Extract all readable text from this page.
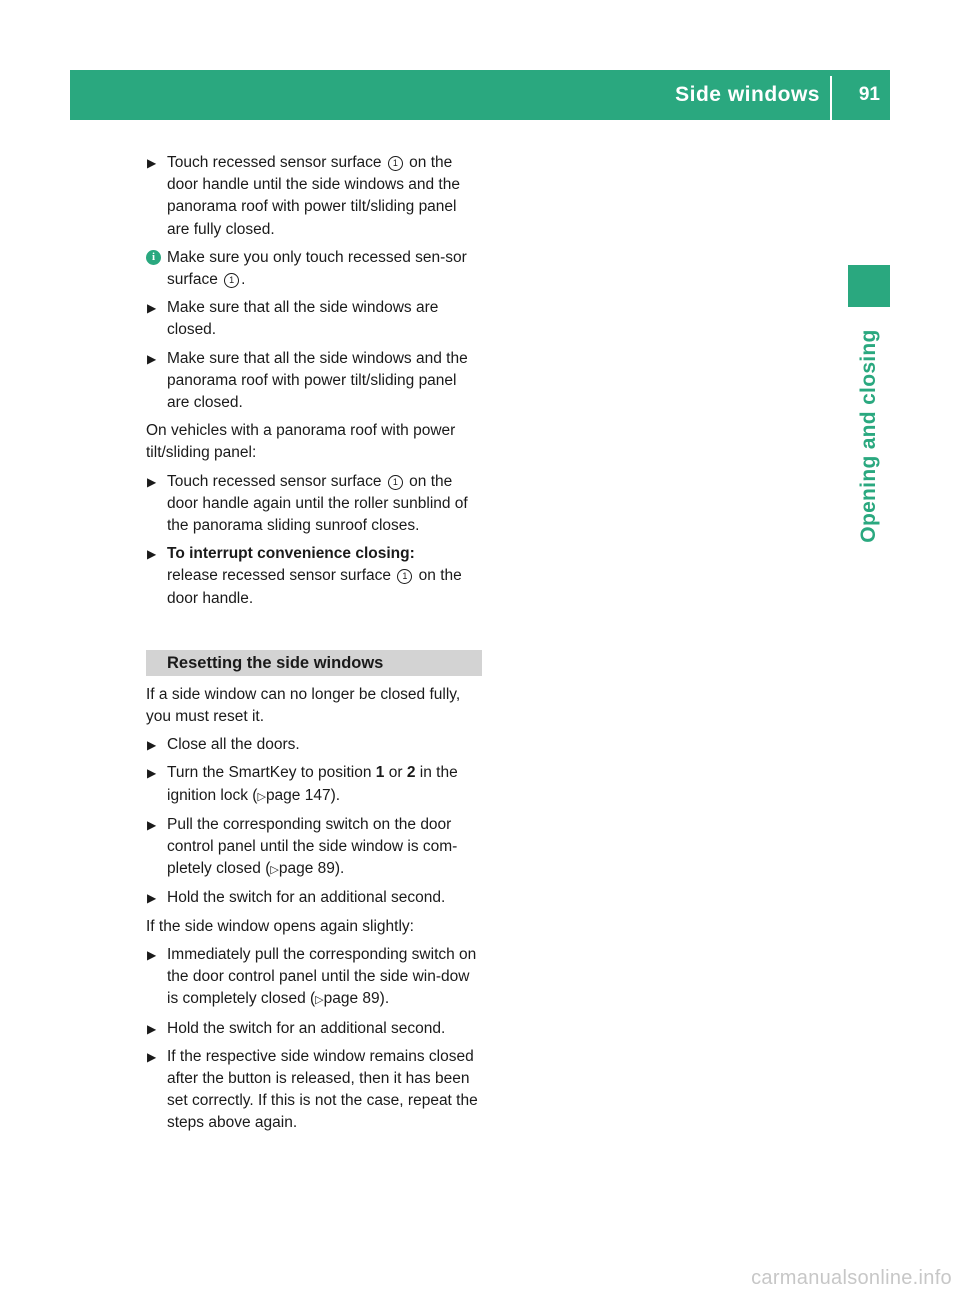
Side windows 91
Opening and closing
▶ Touch recessed sensor surface 1 on the door handle until the side windows and the panorama roof with power tilt/sliding panel are fully closed.
i Make sure you only touch recessed sen-sor surface 1 .
▶ Make sure that all the side windows are closed.
▶ Make sure that all the side windows and the panorama roof with power tilt/sliding panel are closed.
On vehicles with a panorama roof with power tilt/sliding panel:
▶ Touch recessed sensor surface 1 on the door handle again until the roller sunblind of the panorama sliding sunroof closes.
▶ To interrupt convenience closing:
release recessed sensor surface 1 on the door handle.
Resetting the side windows
If a side window can no longer be closed fully, you must reset it.
▶ Close all the doors.
▶ Turn the SmartKey to position 1 or 2 in the ignition lock (▷page 147).
▶ Pull the corresponding switch on the door control panel until the side window is com-pletely closed (▷page 89).
▶ Hold the switch for an additional second.
If the side window opens again slightly:
▶ Immediately pull the corresponding switch on the door control panel until the side win-dow is completely closed (▷page 89).
▶ Hold the switch for an additional second.
▶ If the respective side window remains closed after the button is released, then it has been set correctly. If this is not the case, repeat the steps above again.
carmanualsonline.info
